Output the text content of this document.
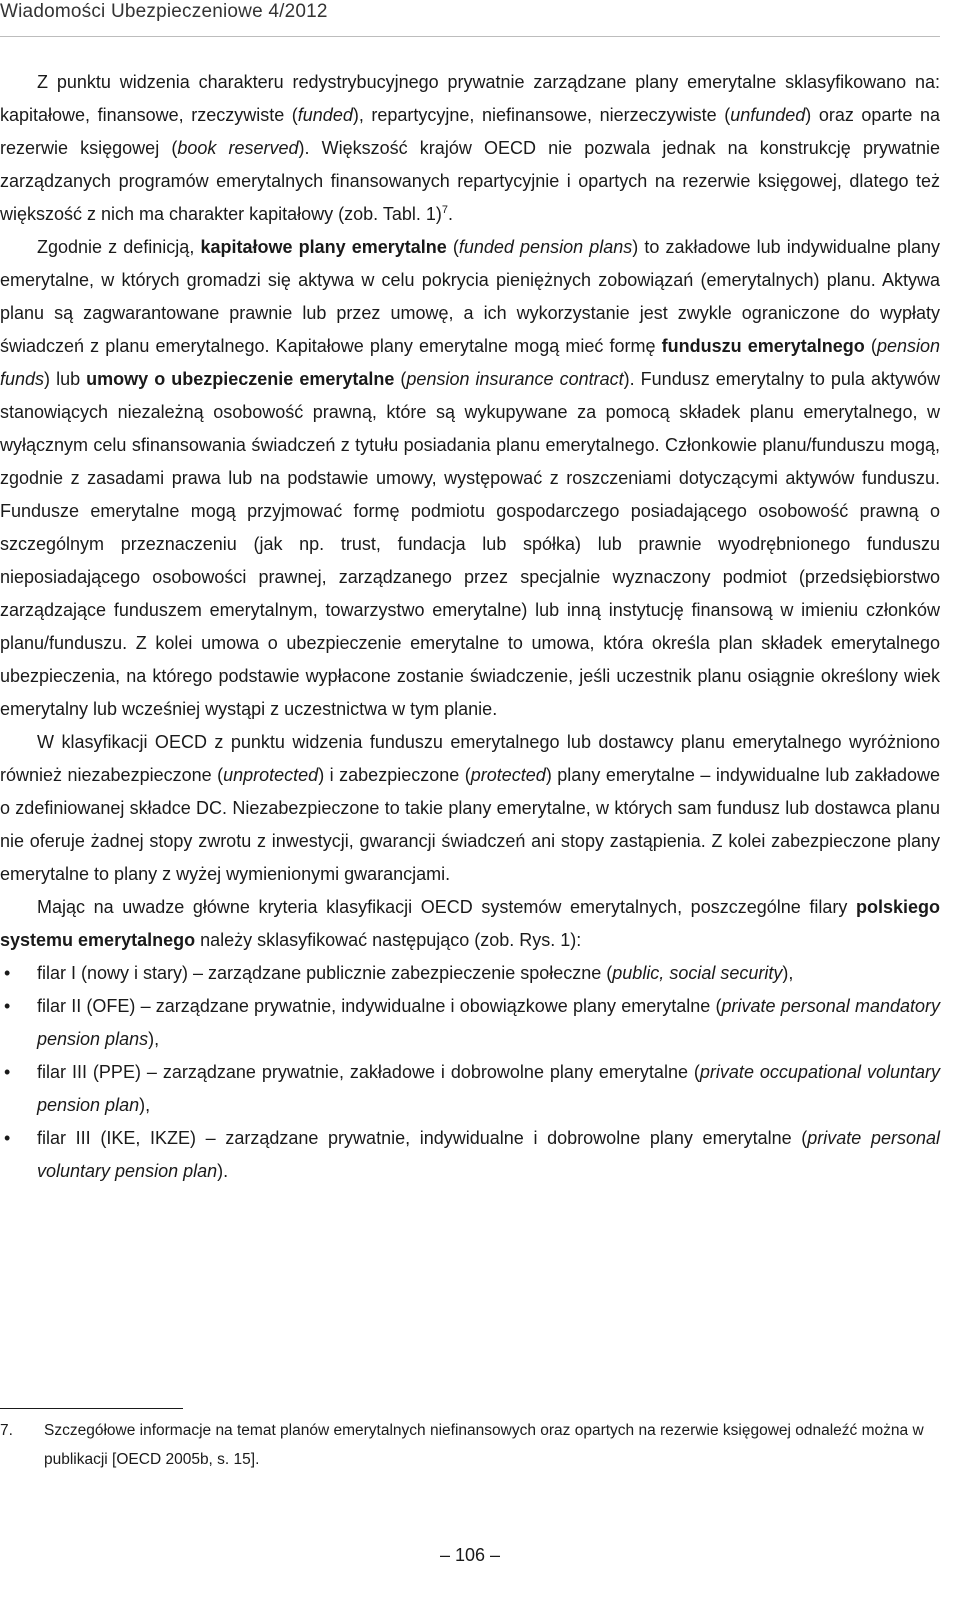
Wiadomości Ubezpieczeniowe 4/2012

Z punktu widzenia charakteru redystrybucyjnego prywatnie zarządzane plany emerytalne sklasyfikowano na: kapitałowe, finansowe, rzeczywiste (funded), repartycyjne, niefinansowe, nierzeczywiste (unfunded) oraz oparte na rezerwie księgowej (book reserved). Większość krajów OECD nie pozwala jednak na konstrukcję prywatnie zarządzanych programów emerytalnych finansowanych repartycyjnie i opartych na rezerwie księgowej, dlatego też większość z nich ma charakter kapitałowy (zob. Tabl. 1)$^7$.

Zgodnie z definicją, kapitałowe plany emerytalne (funded pension plans) to zakładowe lub indywidualne plany emerytalne, w których gromadzi się aktywa w celu pokrycia pieniężnych zobowiązań (emerytalnych) planu. Aktywa planu są zagwarantowane prawnie lub przez umowę, a ich wykorzystanie jest zwykle ograniczone do wypłaty świadczeń z planu emerytalnego. Kapitałowe plany emerytalne mogą mieć formę funduszu emerytalnego (pension funds) lub umowy o ubezpieczenie emerytalne (pension insurance contract). Fundusz emerytalny to pula aktywów stanowiących niezależną osobowość prawną, które są wykupywane za pomocą składek planu emerytalnego, w wyłącznym celu sfinansowania świadczeń z tytułu posiadania planu emerytalnego. Członkowie planu/funduszu mogą, zgodnie z zasadami prawa lub na podstawie umowy, występować z roszczeniami dotyczącymi aktywów funduszu. Fundusze emerytalne mogą przyjmować formę podmiotu gospodarczego posiadającego osobowość prawną o szczególnym przeznaczeniu (jak np. trust, fundacja lub spółka) lub prawnie wyodrębnionego funduszu nieposiadającego osobowości prawnej, zarządzanego przez specjalnie wyznaczony podmiot (przedsiębiorstwo zarządzające funduszem emerytalnym, towarzystwo emerytalne) lub inną instytucję finansową w imieniu członków planu/funduszu. Z kolei umowa o ubezpieczenie emerytalne to umowa, która określa plan składek emerytalnego ubezpieczenia, na którego podstawie wypłacone zostanie świadczenie, jeśli uczestnik planu osiągnie określony wiek emerytalny lub wcześniej wystąpi z uczestnictwa w tym planie.

W klasyfikacji OECD z punktu widzenia funduszu emerytalnego lub dostawcy planu emerytalnego wyróżniono również niezabezpieczone (unprotected) i zabezpieczone (protected) plany emerytalne – indywidualne lub zakładowe o zdefiniowanej składce DC. Niezabezpieczone to takie plany emerytalne, w których sam fundusz lub dostawca planu nie oferuje żadnej stopy zwrotu z inwestycji, gwarancji świadczeń ani stopy zastąpienia. Z kolei zabezpieczone plany emerytalne to plany z wyżej wymienionymi gwarancjami.

Mając na uwadze główne kryteria klasyfikacji OECD systemów emerytalnych, poszczególne filary polskiego systemu emerytalnego należy sklasyfikować następująco (zob. Rys. 1):

• filar I (nowy i stary) – zarządzane publicznie zabezpieczenie społeczne (public, social security),
• filar II (OFE) – zarządzane prywatnie, indywidualne i obowiązkowe plany emerytalne (private personal mandatory pension plans),
• filar III (PPE) – zarządzane prywatnie, zakładowe i dobrowolne plany emerytalne (private occupational voluntary pension plan),
• filar III (IKE, IKZE) – zarządzane prywatnie, indywidualne i dobrowolne plany emerytalne (private personal voluntary pension plan).
7. Szczegółowe informacje na temat planów emerytalnych niefinansowych oraz opartych na rezerwie księgowej odnaleźć można w publikacji [OECD 2005b, s. 15].
– 106 –
